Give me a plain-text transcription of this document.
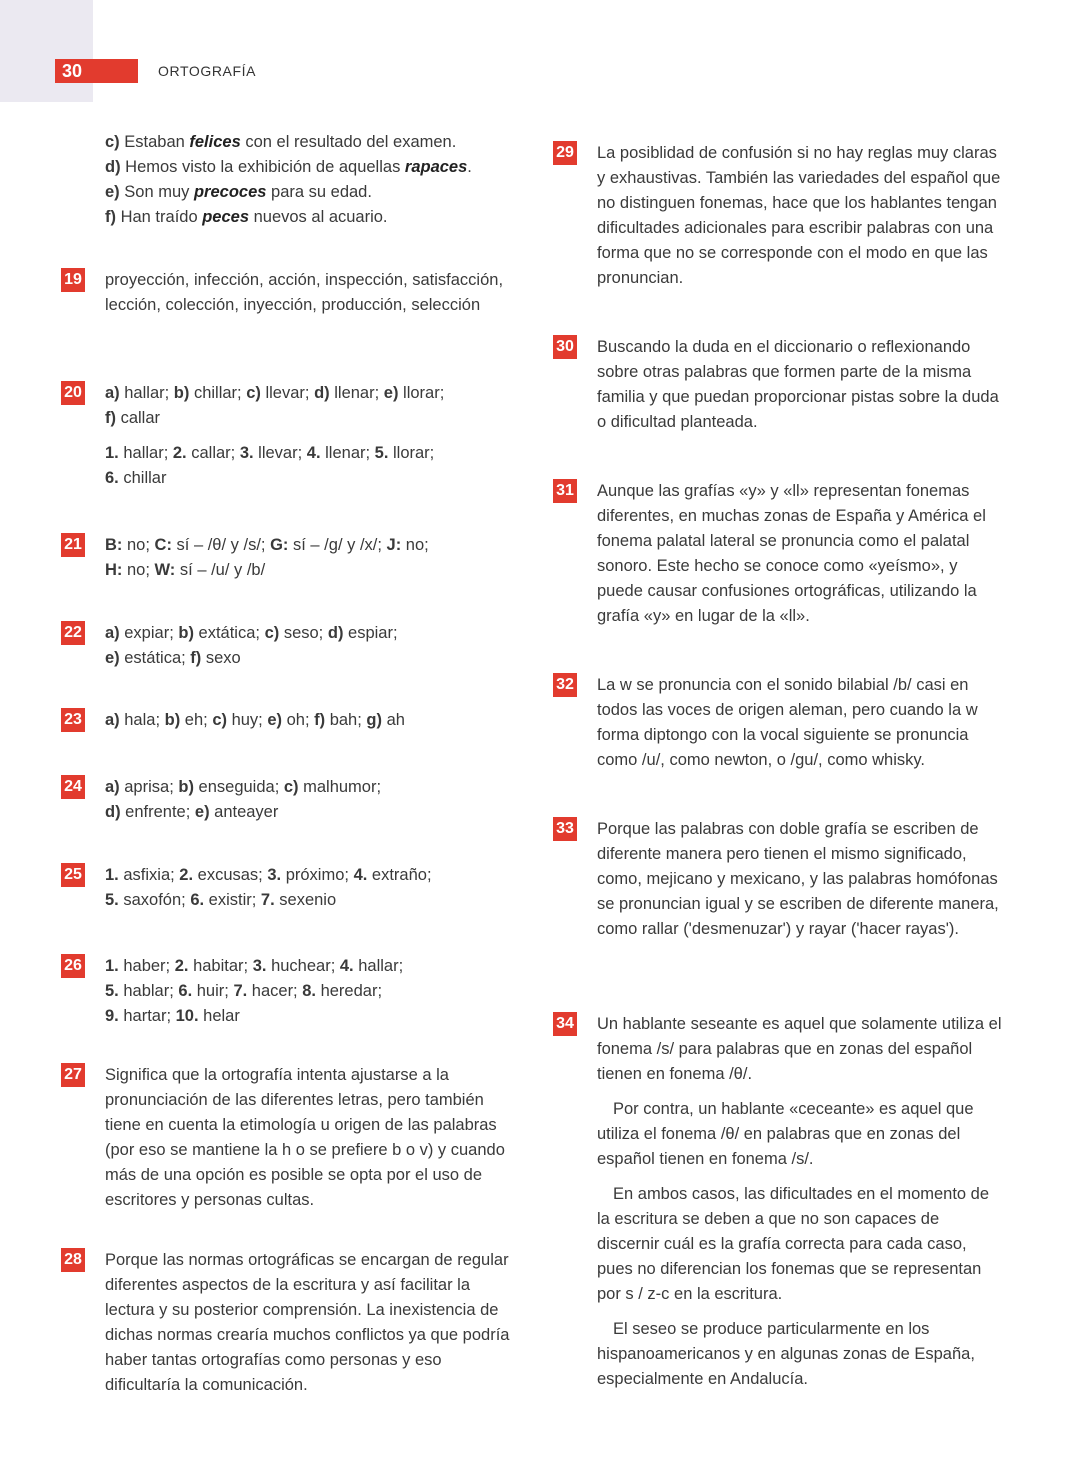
30	ORTOGRAFÍA
c) Estaban felices con el resultado del examen.
d) Hemos visto la exhibición de aquellas rapaces.
e) Son muy precoces para su edad.
f) Han traído peces nuevos al acuario.
19 proyección, infección, acción, inspección, satisfacción, lección, colección, inyección, producción, selección

20 a) hallar; b) chillar; c) llevar; d) llenar; e) llorar;
f) callar

1. hallar; 2. callar; 3. llevar; 4. llenar; 5. llorar;
6. chillar

21 B: no; C: sí – /θ/ y /s/; G: sí – /g/ y /x/; J: no;
H: no; W: sí – /u/ y /b/

22 a) expiar; b) extática; c) seso; d) espiar;
e) estática; f) sexo

23 a) hala; b) eh; c) huy; e) oh; f) bah; g) ah

24 a) aprisa; b) enseguida; c) malhumor;
d) enfrente; e) anteayer

25 1. asfixia; 2. excusas; 3. próximo; 4. extraño;
5. saxofón; 6. existir; 7. sexenio

26 1. haber; 2. habitar; 3. huchear; 4. hallar;
5. hablar; 6. huir; 7. hacer; 8. heredar;
9. hartar; 10. helar

27 Significa que la ortografía intenta ajustarse a la pronunciación de las diferentes letras, pero también tiene en cuenta la etimología u origen de las palabras (por eso se mantiene la h o se prefiere b o v) y cuando más de una opción es posible se opta por el uso de escritores y personas cultas.

28 Porque las normas ortográficas se encargan de regular diferentes aspectos de la escritura y así facilitar la lectura y su posterior comprensión. La inexistencia de dichas normas crearía muchos conflictos ya que podría haber tantas ortografías como personas y eso dificultaría la comunicación.

29 La posiblidad de confusión si no hay reglas muy claras y exhaustivas. También las variedades del español que no distinguen fonemas, hace que los hablantes tengan dificultades adicionales para escribir palabras con una forma que no se corresponde con el modo en que las pronuncian.

30 Buscando la duda en el diccionario o reflexionando sobre otras palabras que formen parte de la misma familia y que puedan proporcionar pistas sobre la duda o dificultad planteada.

31 Aunque las grafías «y» y «ll» representan fonemas diferentes, en muchas zonas de España y América el fonema palatal lateral se pronuncia como el palatal sonoro. Este hecho se conoce como «yeísmo», y puede causar confusiones ortográficas, utilizando la grafía «y» en lugar de la «ll».

32 La w se pronuncia con el sonido bilabial /b/ casi en todos las voces de origen aleman, pero cuando la w forma diptongo con la vocal siguiente se pronuncia como /u/, como newton, o /gu/, como whisky.

33 Porque las palabras con doble grafía se escriben de diferente manera pero tienen el mismo significado, como, mejicano y mexicano, y las palabras homófonas se pronuncian igual y se escriben de diferente manera, como rallar ('desmenuzar') y rayar ('hacer rayas').

34 Un hablante seseante es aquel que solamente utiliza el fonema /s/ para palabras que en zonas del español tienen en fonema /θ/.

Por contra, un hablante «ceceante» es aquel que utiliza el fonema /θ/ en palabras que en zonas del español tienen en fonema /s/.

En ambos casos, las dificultades en el momento de la escritura se deben a que no son capaces de discernir cuál es la grafía correcta para cada caso, pues no diferencian los fonemas que se representan por s / z-c en la escritura.

El seseo se produce particularmente en los hispanoamericanos y en algunas zonas de España, especialmente en Andalucía.
